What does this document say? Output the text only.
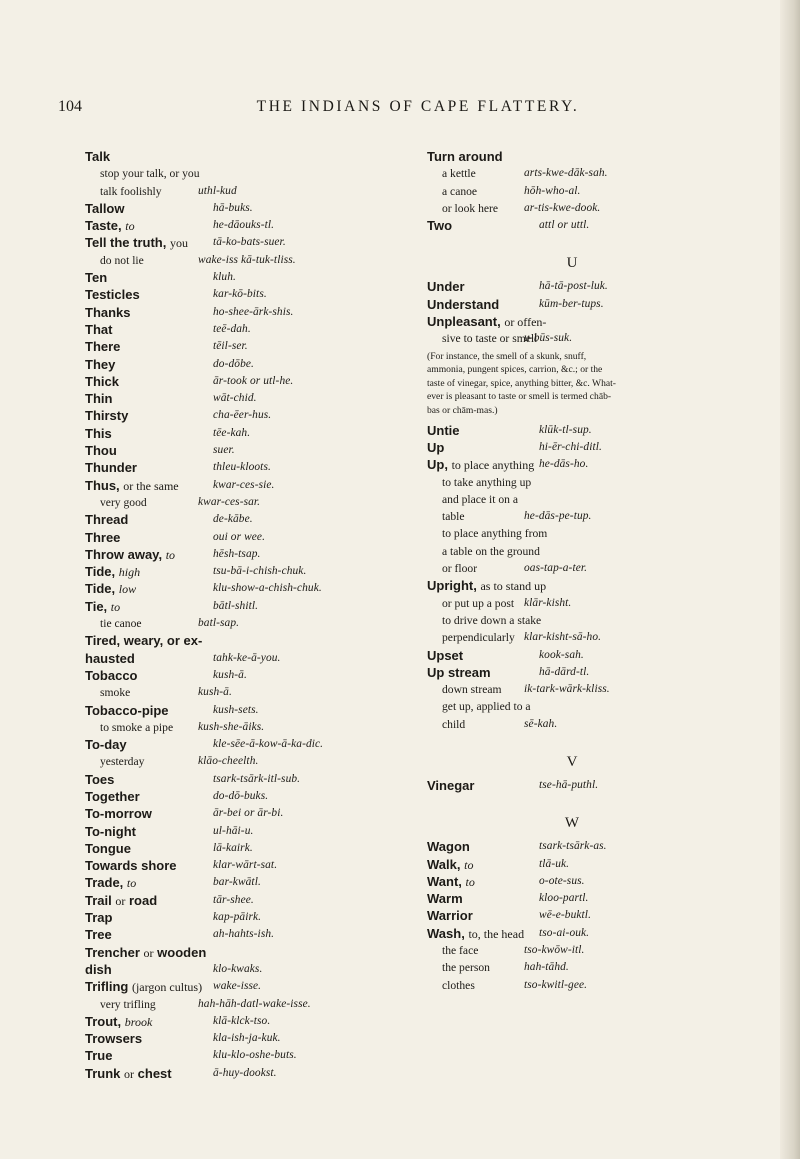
104	THE INDIANS OF CAPE FLATTERY.
Talk
stop your talk, or you
talk foolishly	uthl-kud
Tallow	hā-buks.
Taste, to	he-dāouks-tl.
Tell the truth, you	tā-ko-bats-suer.
do not lie	wake-iss kā-tuk-tliss.
Ten	kluh.
Testicles	kar-kō-bits.
Thanks	ho-shee-ārk-shis.
That	teē-dah.
There	tēil-ser.
They	do-dōbe.
Thick	ār-took or utl-he.
Thin	wāt-chid.
Thirsty	cha-ēer-hus.
This	tēe-kah.
Thou	suer.
Thunder	thleu-kloots.
Thus, or the same	kwar-ces-sie.
very good	kwar-ces-sar.
Thread	de-kābe.
Three	oui or wee.
Throw away, to	hēsh-tsap.
Tide, high	tsu-bā-i-chish-chuk.
Tide, low	klu-show-a-chish-chuk.
Tie, to	bātl-shitl.
tie canoe	batl-sap.
Tired, weary, or ex-
hausted	tahk-ke-ā-you.
Tobacco	kush-ā.
smoke	kush-ā.
Tobacco-pipe	kush-sets.
to smoke a pipe	kush-she-āiks.
To-day	kle-sēe-ā-kow-ā-ka-dic.
yesterday	klāo-cheelth.
Toes	tsark-tsārk-itl-sub.
Together	do-dō-buks.
To-morrow	ār-bei or ār-bi.
To-night	ul-hāi-u.
Tongue	lā-kairk.
Towards shore	klar-wārt-sat.
Trade, to	bar-kwātl.
Trail or road	tār-shee.
Trap	kap-pāirk.
Tree	ah-hahts-ish.
Trencher or wooden
dish	klo-kwaks.
Trifling (jargon cultus) wake-isse.
very trifling	hah-hāh-datl-wake-isse.
Trout, brook	klā-klck-tso.
Trowsers	kla-ish-ja-kuk.
True	klu-klo-oshe-buts.
Trunk or chest	ā-huy-dookst.
Turn around
a kettle	arts-kwe-dāk-sah.
a canoe	hōh-who-al.
or look here	ar-tis-kwe-dook.
Two	attl or uttl.
U
Under	hā-tā-post-luk.
Understand	kūm-ber-tups.
Unpleasant, or offen-
sive to taste or smell
u-būs-suk.
(For instance, the smell of a skunk, snuff, ammonia, pungent spices, carrion, &c.; or the taste of vinegar, spice, anything bitter, &c. What-ever is pleasant to taste or smell is termed chāb-bas or chām-mas.)
Untie	klūk-tl-sup.
Up	hi-ēr-chi-ditl.
Up, to place anything he-dās-ho.
to take anything up
and place it on a
table	he-dās-pe-tup.
to place anything from
a table on the ground
or floor	oas-tap-a-ter.
Upright, as to stand up
or put up a post klār-kisht.
to drive down a stake
perpendicularly klar-kisht-sā-ho.
Upset	kook-sah.
Up stream	hā-dārd-tl.
down stream	ik-tark-wārk-kliss.
get up, applied to a
child	sē-kah.
V
Vinegar	tse-hā-puthl.
W
Wagon	tsark-tsārk-as.
Walk, to	tlā-uk.
Want, to	o-ote-sus.
Warm	kloo-partl.
Warrior	wē-e-buktl.
Wash, to, the head	tso-ai-ouk.
the face	tso-kwōw-itl.
the person	hah-tāhd.
clothes	tso-kwitl-gee.
